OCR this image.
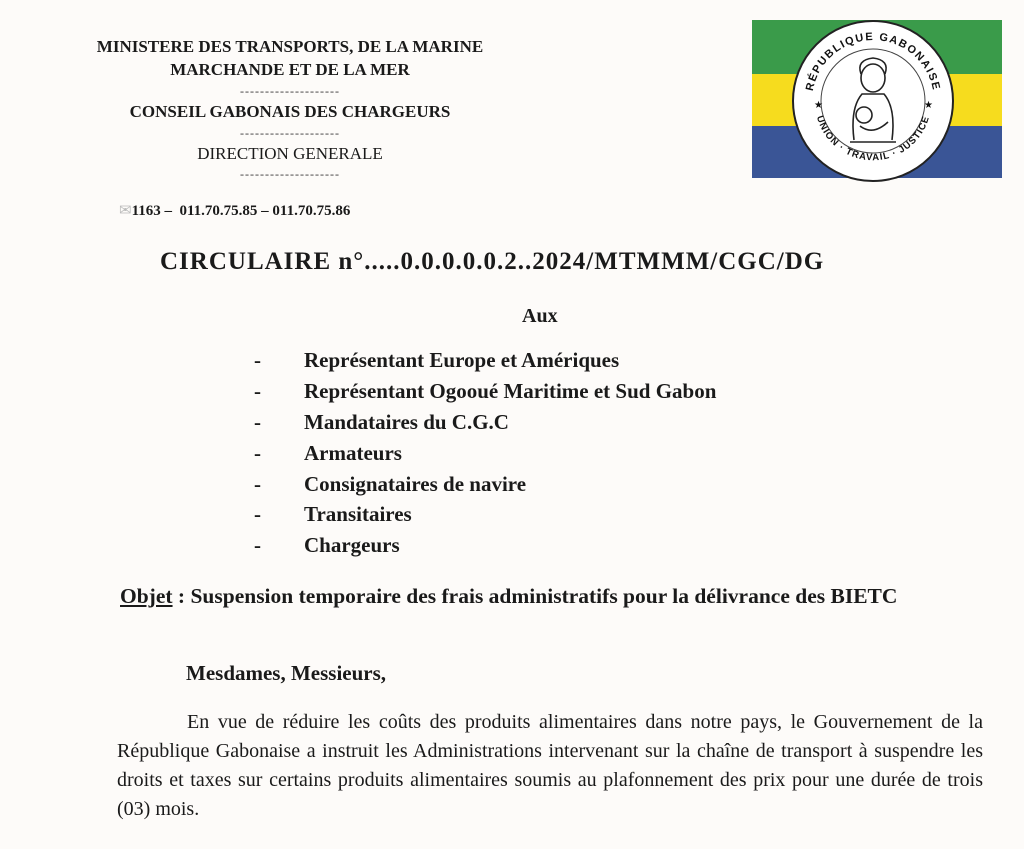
MINISTERE DES TRANSPORTS, DE LA MARINE
MARCHANDE ET DE LA MER
--------------------
CONSEIL GABONAIS DES CHARGEURS
--------------------
DIRECTION GENERALE
--------------------

✉1163 –  011.70.75.85 – 011.70.75.86

RÉPUBLIQUE GABONAISE
UNION · TRAVAIL · JUSTICE
★	★
CIRCULAIRE n°.....0.0.0.0.0.2..2024/MTMMM/CGC/DG
Aux
- Représentant Europe et Amériques
- Représentant Ogooué Maritime et Sud Gabon
- Mandataires du C.G.C
- Armateurs
- Consignataires de navire
- Transitaires
- Chargeurs
Objet : Suspension temporaire des frais administratifs pour la délivrance des BIETC
Mesdames, Messieurs,

En vue de réduire les coûts des produits alimentaires dans notre pays, le Gouvernement de la République Gabonaise a instruit les Administrations intervenant sur la chaîne de transport à suspendre les droits et taxes sur certains produits alimentaires soumis au plafonnement des prix pour une durée de trois (03) mois.
